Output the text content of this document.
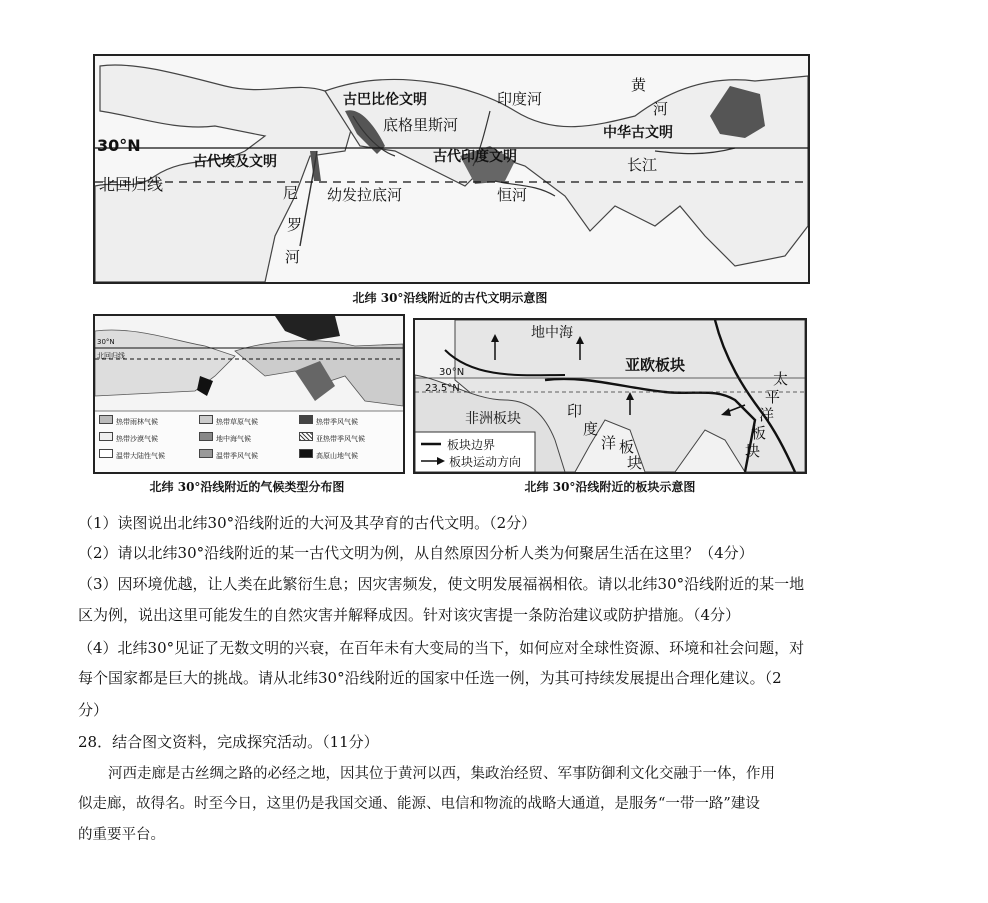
30°N
北回归线
古巴比伦文明
底格里斯河
印度河
古代印度文明
古代埃及文明
尼
罗
河
幼发拉底河	恒河
黄
河
中华古文明
长江
北纬 30°沿线附近的古代文明示意图
30°N
北回归线
热带雨林气候	热带草原气候	热带季风气候
热带沙漠气候	地中海气候	亚热带季风气候
温带大陆性气候	温带季风气候	高原山地气候
北纬 30°沿线附近的气候类型分布图
地中海
亚欧板块
30°N
23.5°N
非洲板块	印
度
洋 板
块
太
平
洋
板
块
板块边界
板块运动方向
北纬 30°沿线附近的板块示意图
（1）读图说出北纬30°沿线附近的大河及其孕育的古代文明。（2分）
（2）请以北纬30°沿线附近的某一古代文明为例，从自然原因分析人类为何聚居生活在这里？（4分）
（3）因环境优越，让人类在此繁衍生息；因灾害频发，使文明发展福祸相依。请以北纬30°沿线附近的某一地
区为例，说出这里可能发生的自然灾害并解释成因。针对该灾害提一条防治建议或防护措施。（4分）
（4）北纬30°见证了无数文明的兴衰，在百年未有大变局的当下，如何应对全球性资源、环境和社会问题，对
每个国家都是巨大的挑战。请从北纬30°沿线附近的国家中任选一例，为其可持续发展提出合理化建议。（2
分）
28．结合图文资料，完成探究活动。（11分）
河西走廊是古丝绸之路的必经之地，因其位于黄河以西，集政治经贸、军事防御利文化交融于一体，作用
似走廊，故得名。时至今日，这里仍是我国交通、能源、电信和物流的战略大通道，是服务“一带一路”建设
的重要平台。
